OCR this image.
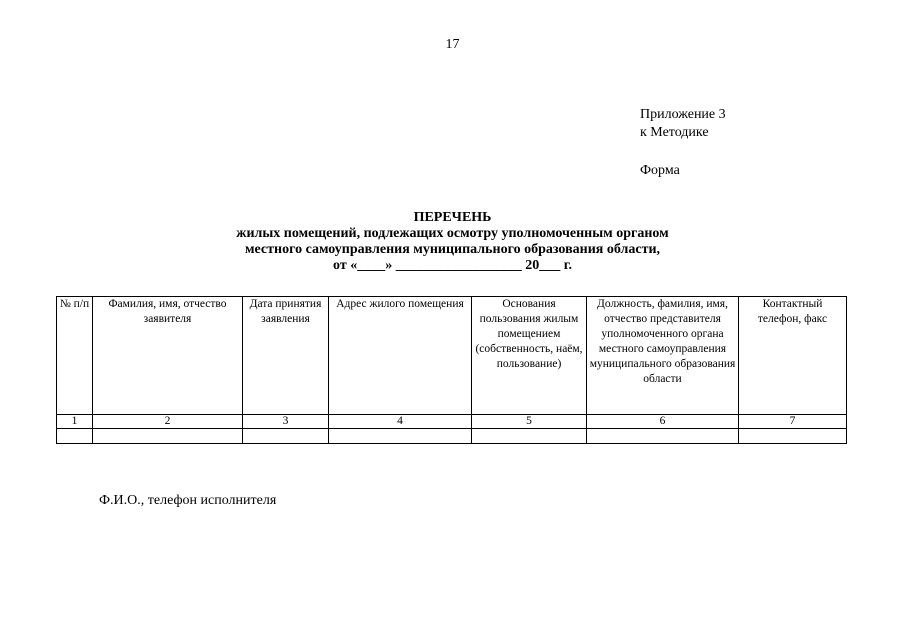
17
Приложение 3
к Методике
Форма
ПЕРЕЧЕНЬ
жилых помещений, подлежащих осмотру уполномоченным органом
местного самоуправления муниципального образования области,
от «____» __________________ 20___ г.
№ п/п	Фамилия, имя, отчество заявителя	Дата принятия заявления	Адрес жилого помещения	Основания пользования жилым помещением (собственность, наём, пользование)	Должность, фамилия, имя, отчество представителя уполномоченного органа местного самоуправления муниципального образования области	Контактный телефон, факс
1	2	3	4	5	6	7

Ф.И.О., телефон исполнителя
